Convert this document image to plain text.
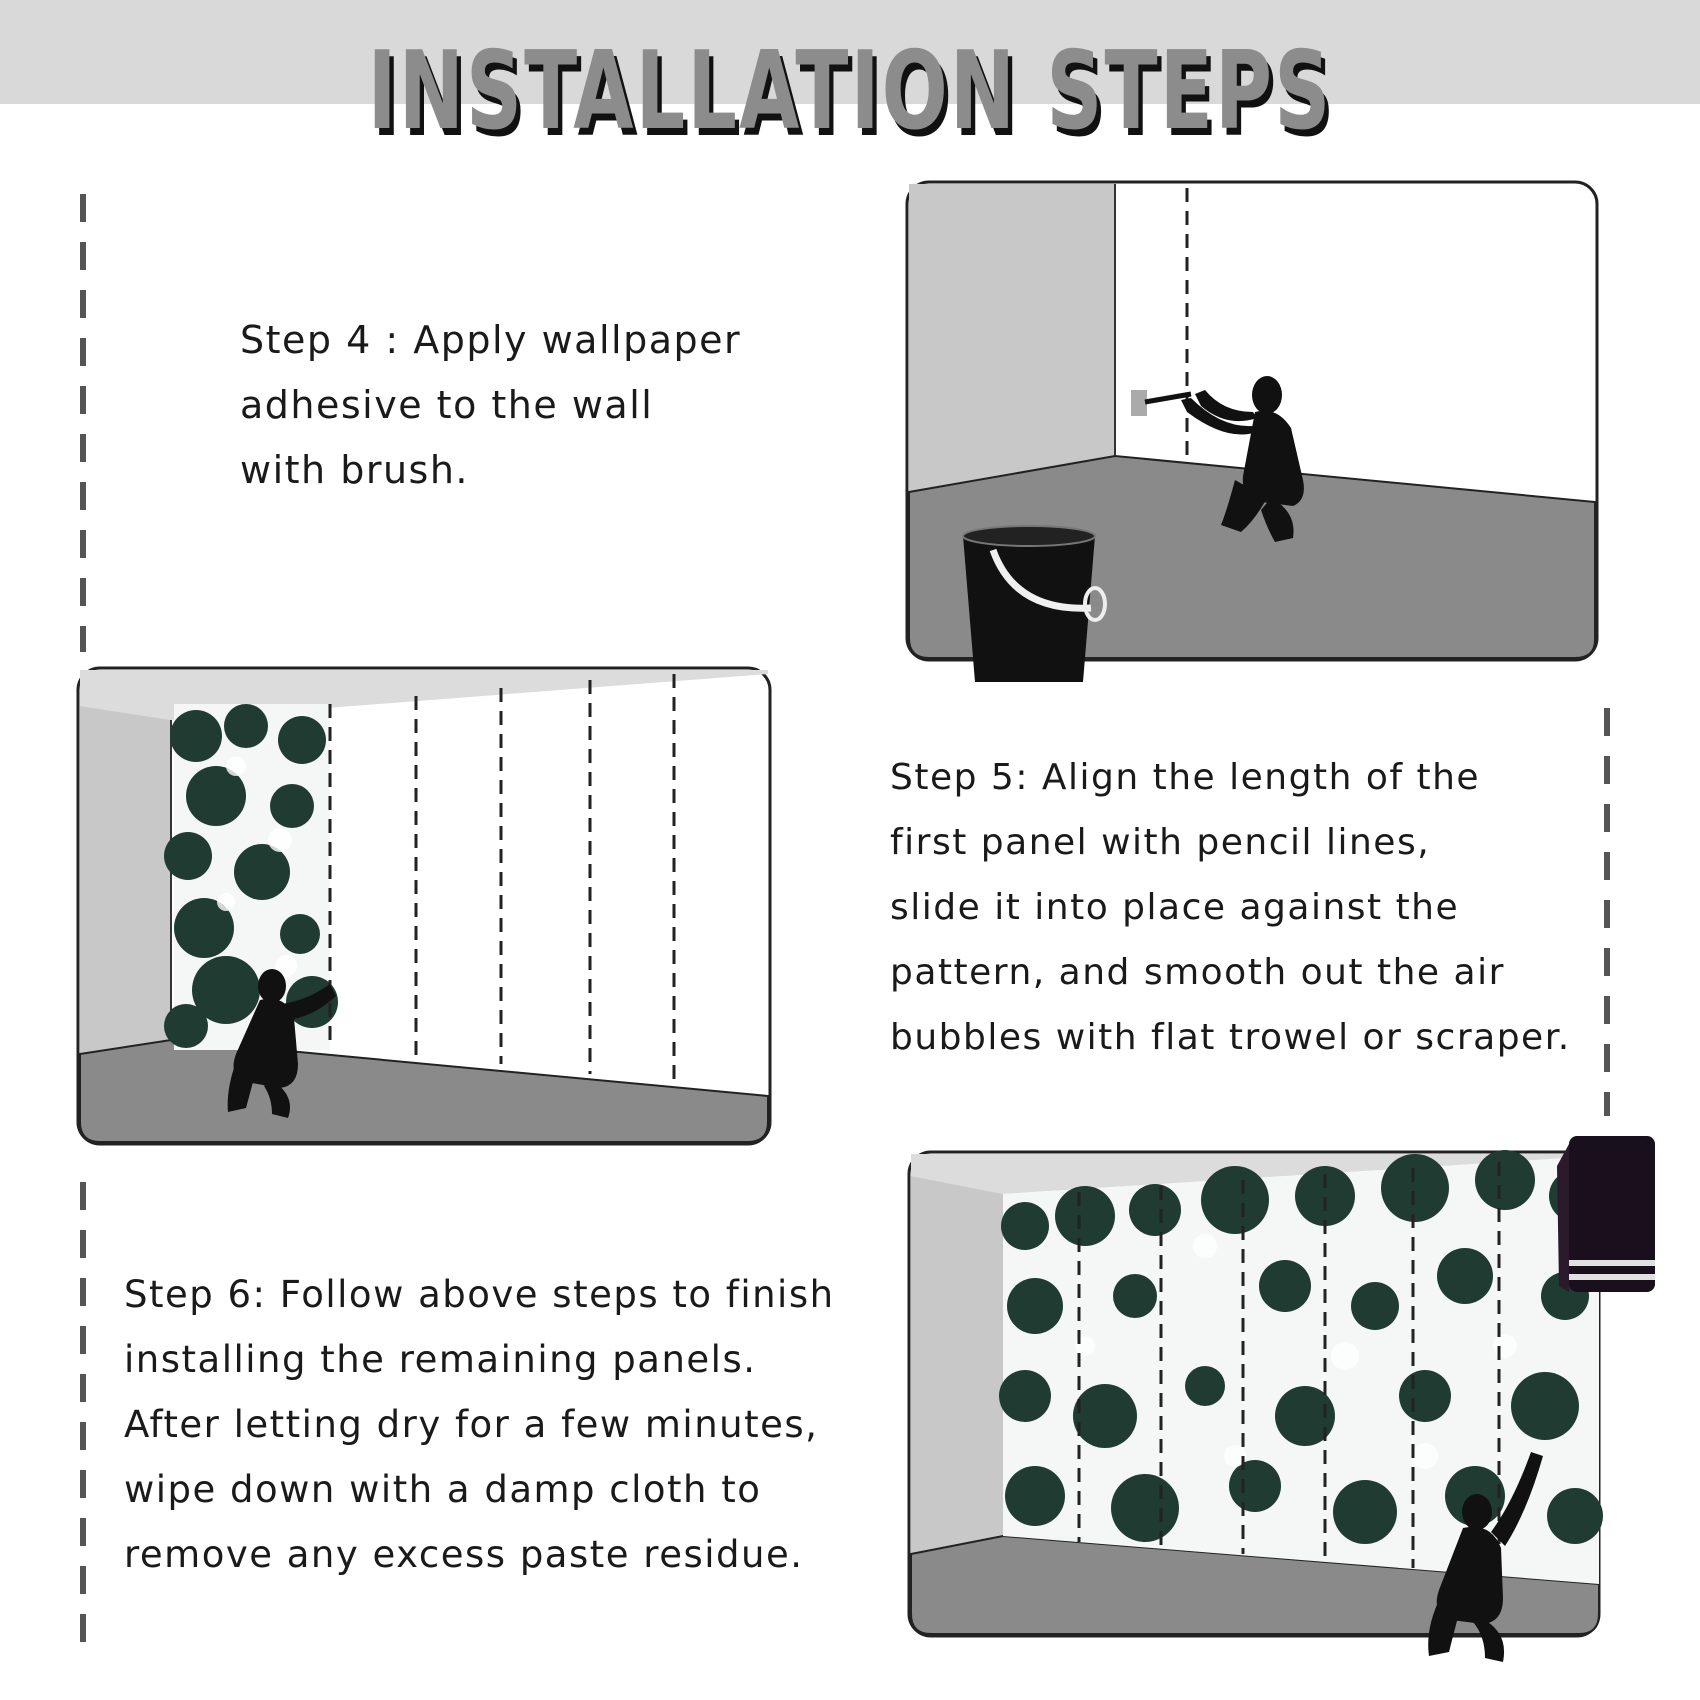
INSTALLATION STEPS

Step 4 : Apply wallpaper
adhesive to the wall
with brush.

Step 5: Align the length of the
first panel with pencil lines,
slide it into place against the
pattern, and smooth out the air
bubbles with flat trowel or scraper.

Step 6: Follow above steps to finish
installing the remaining panels.
After letting dry for a few minutes,
wipe down with a damp cloth to
remove any excess paste residue.
